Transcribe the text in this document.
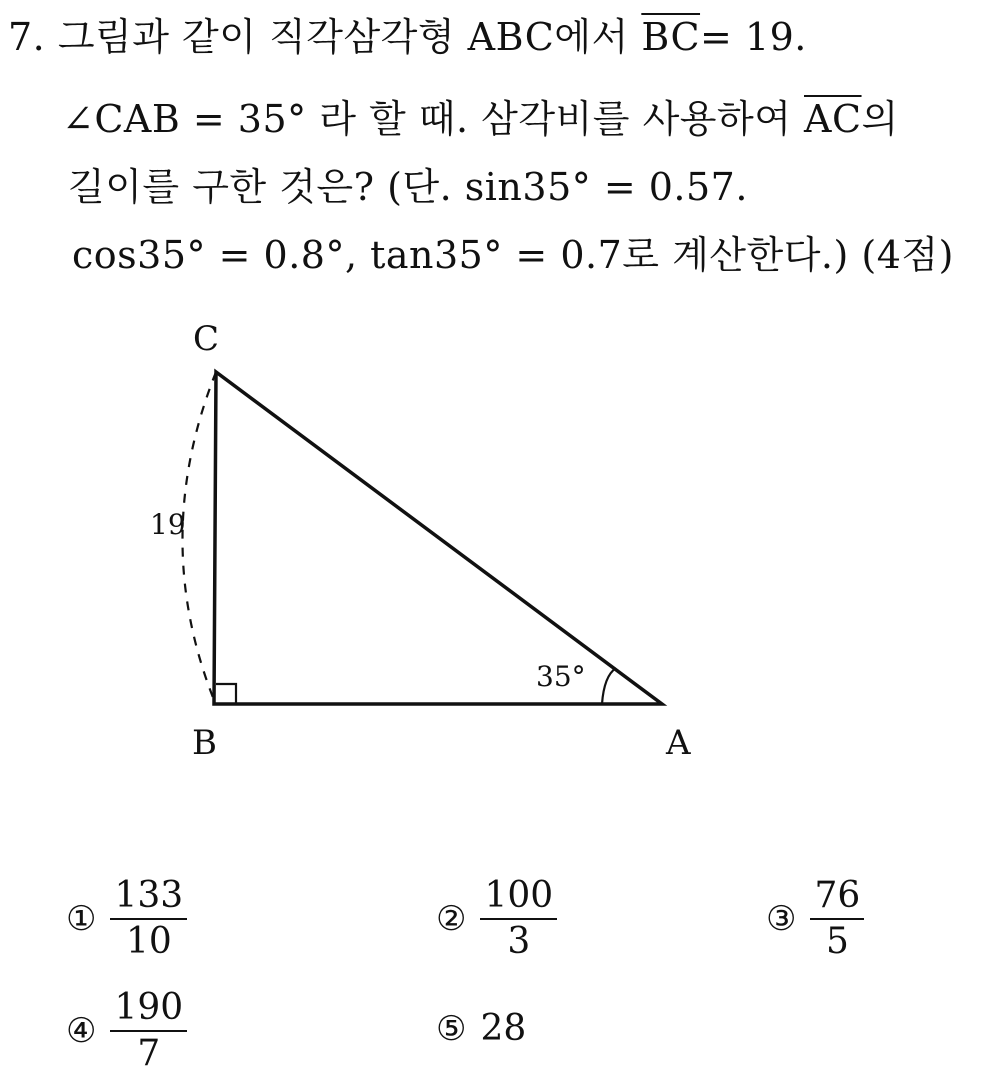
7. 그림과 같이 직각삼각형 ABC에서 $\overline{BC}= 19$.
∠CAB = 35° 라 할 때. 삼각비를 사용하여 $\overline{AC}$의
길이를 구한 것은? (단. sin35° = 0.57.
cos35° = 0.8°, tan35° = 0.7로 계산한다.) (4점)
C
B	A
19
35°
① $\frac{133}{10}$	② $\frac{100}{3}$	③ $\frac{76}{5}$
④ $\frac{190}{7}$	⑤ 28
